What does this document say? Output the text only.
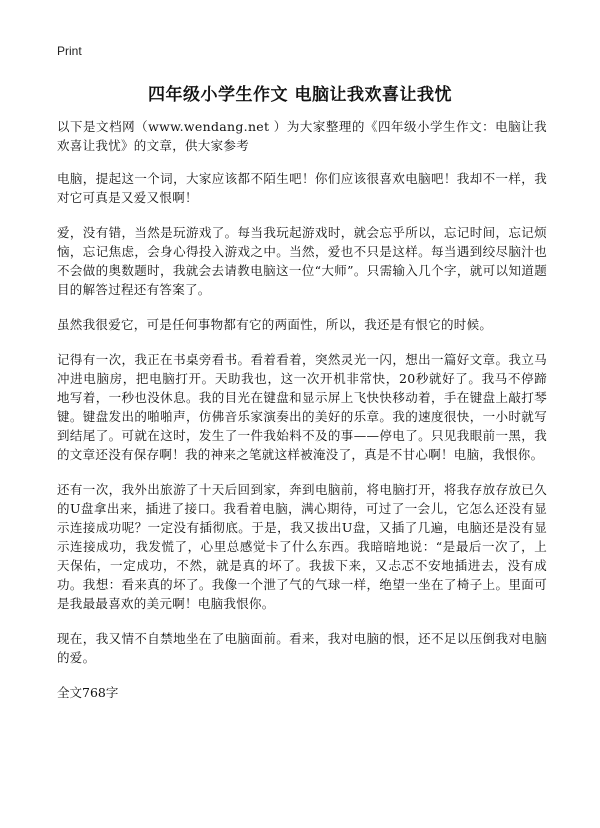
Print
四年级小学生作文 电脑让我欢喜让我忧

以下是文档网（www.wendang.net ）为大家整理的《四年级小学生作文：电脑让我欢喜让我忧》的文章，供大家参考

电脑，提起这一个词，大家应该都不陌生吧！你们应该很喜欢电脑吧！我却不一样，我对它可真是又爱又恨啊！

爱，没有错，当然是玩游戏了。每当我玩起游戏时，就会忘乎所以，忘记时间，忘记烦恼，忘记焦虑，会身心得投入游戏之中。当然，爱也不只是这样。每当遇到绞尽脑汁也不会做的奥数题时，我就会去请教电脑这一位“大师”。只需输入几个字，就可以知道题目的解答过程还有答案了。

虽然我很爱它，可是任何事物都有它的两面性，所以，我还是有恨它的时候。

记得有一次，我正在书桌旁看书。看着看着，突然灵光一闪，想出一篇好文章。我立马冲进电脑房，把电脑打开。天助我也，这一次开机非常快，20秒就好了。我马不停蹄地写着，一秒也没休息。我的目光在键盘和显示屏上飞快快移动着，手在键盘上敲打琴键。键盘发出的啪啪声，仿佛音乐家演奏出的美好的乐章。我的速度很快，一小时就写到结尾了。可就在这时，发生了一件我始料不及的事——停电了。只见我眼前一黑，我的文章还没有保存啊！我的神来之笔就这样被淹没了，真是不甘心啊！电脑，我恨你。

还有一次，我外出旅游了十天后回到家，奔到电脑前，将电脑打开，将我存放存放已久的U盘拿出来，插进了接口。我看着电脑，满心期待，可过了一会儿，它怎么还没有显示连接成功呢？一定没有插彻底。于是，我又拔出U盘，又插了几遍，电脑还是没有显示连接成功，我发慌了，心里总感觉卡了什么东西。我暗暗地说：“是最后一次了，上天保佑，一定成功，不然，就是真的坏了。我拔下来，又忐忑不安地插进去，没有成功。我想：看来真的坏了。我像一个泄了气的气球一样，绝望一坐在了椅子上。里面可是我最最喜欢的美元啊！电脑我恨你。

现在，我又情不自禁地坐在了电脑面前。看来，我对电脑的恨，还不足以压倒我对电脑的爱。

全文768字
